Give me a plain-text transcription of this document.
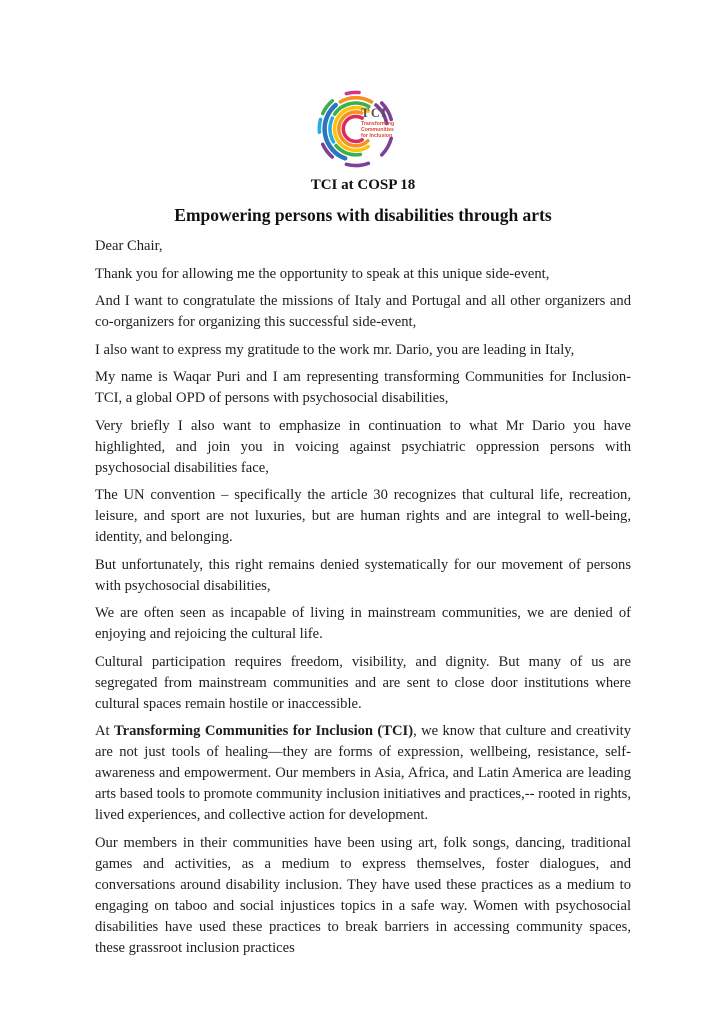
TCI
Transforming
Communities
for Inclusion
TCI at COSP 18
Empowering persons with disabilities through arts

Dear Chair,

Thank you for allowing me the opportunity to speak at this unique side-event,

And I want to congratulate the missions of Italy and Portugal and all other organizers and co-organizers for organizing this successful side-event,

I also want to express my gratitude to the work mr. Dario, you are leading in Italy,

My name is Waqar Puri and I am representing transforming Communities for Inclusion-TCI, a global OPD of persons with psychosocial disabilities,

Very briefly I also want to emphasize in continuation to what Mr Dario you have highlighted, and join you in voicing against psychiatric oppression persons with psychosocial disabilities face,

The UN convention – specifically the article 30 recognizes that cultural life, recreation, leisure, and sport are not luxuries, but are human rights and are integral to well-being, identity, and belonging.

But unfortunately, this right remains denied systematically for our movement of persons with psychosocial disabilities,

We are often seen as incapable of living in mainstream communities, we are denied of enjoying and rejoicing the cultural life.

Cultural participation requires freedom, visibility, and dignity. But many of us are segregated from mainstream communities and are sent to close door institutions where cultural spaces remain hostile or inaccessible.

At Transforming Communities for Inclusion (TCI), we know that culture and creativity are not just tools of healing—they are forms of expression, wellbeing, resistance, self-awareness and empowerment. Our members in Asia, Africa, and Latin America are leading arts based tools to promote community inclusion initiatives and practices,-- rooted in rights, lived experiences, and collective action for development.

Our members in their communities have been using art, folk songs, dancing, traditional games and activities, as a medium to express themselves, foster dialogues, and conversations around disability inclusion. They have used these practices as a medium to engaging on taboo and social injustices topics in a safe way. Women with psychosocial disabilities have used these practices to break barriers in accessing community spaces, these grassroot inclusion practices
